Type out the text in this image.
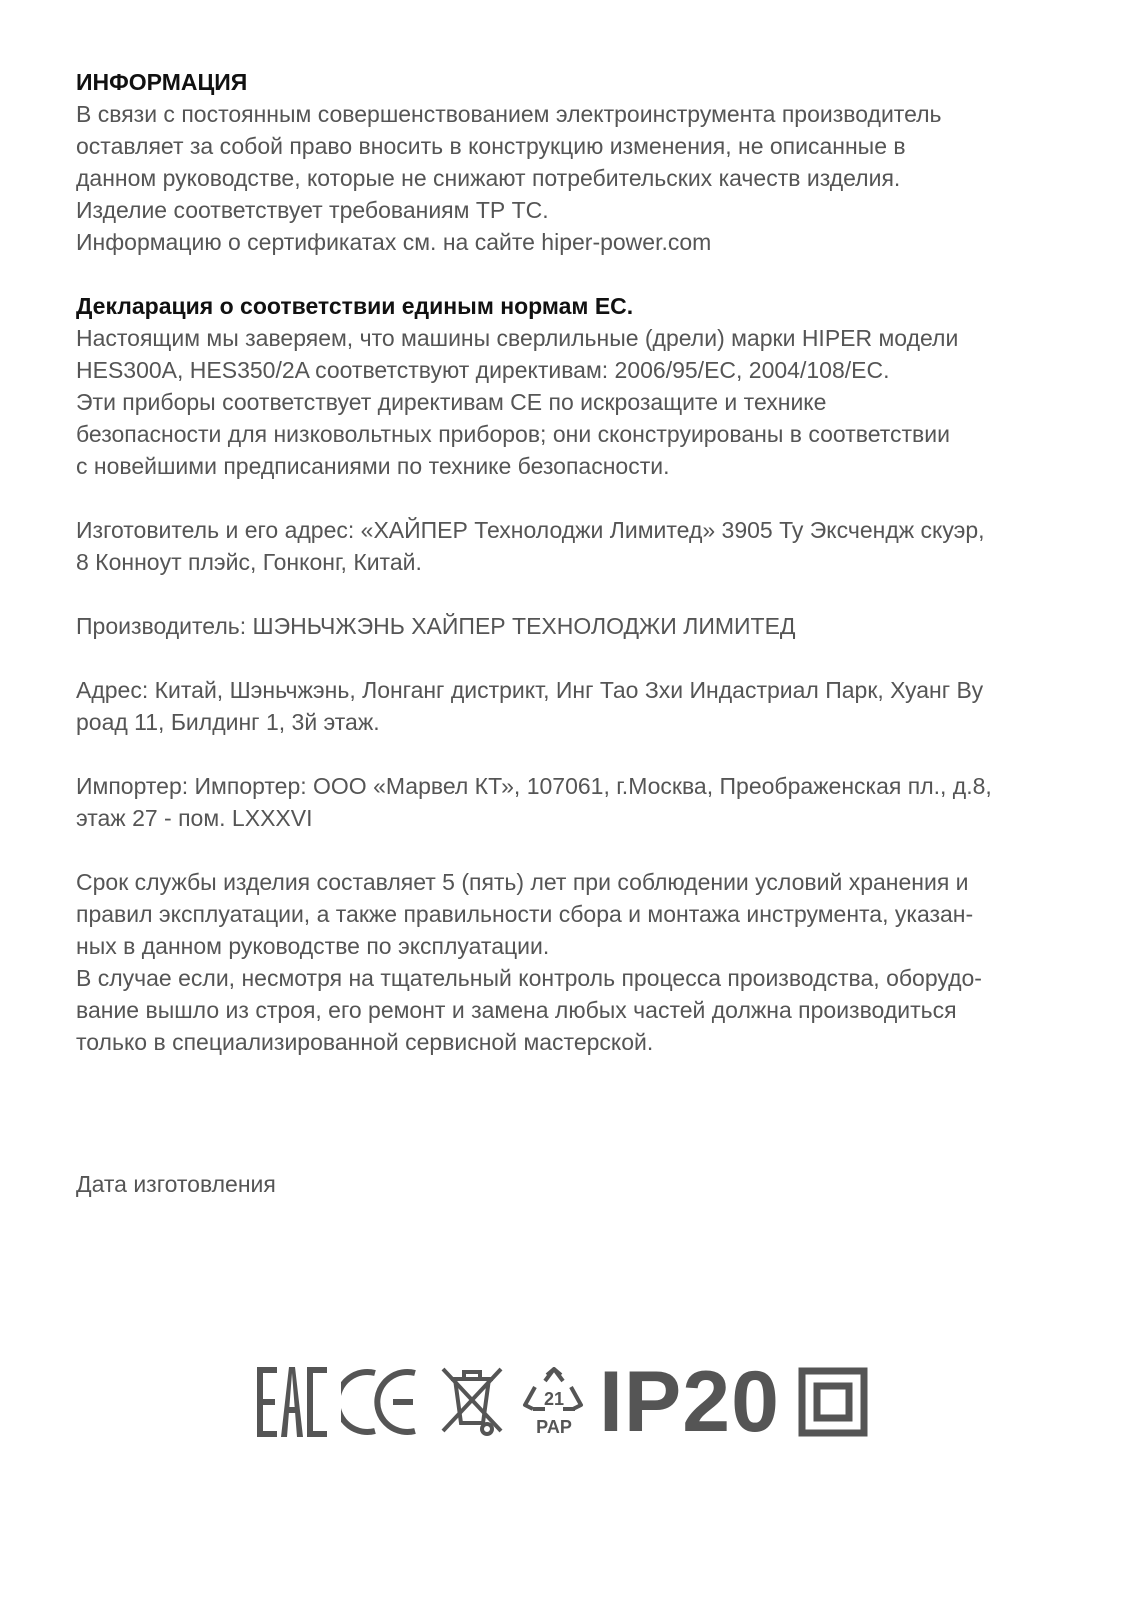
ИНФОРМАЦИЯ

В связи с постоянным совершенствованием электроинструмента производитель
оставляет за собой право вносить в конструкцию изменения, не описанные в
данном руководстве, которые не снижают потребительских качеств изделия.
Изделие соответствует требованиям ТР ТС.
Информацию о сертификатах см. на сайте hiper-power.com

Декларация о соответствии единым нормам ЕС.

Настоящим мы заверяем, что машины сверлильные (дрели) марки HIPER модели
HES300A, HES350/2A соответствуют директивам: 2006/95/EC, 2004/108/EC.
Эти приборы соответствует директивам CE по искрозащите и технике
безопасности для низковольтных приборов; они сконструированы в соответствии
с новейшими предписаниями по технике безопасности.

Изготовитель и его адрес: «ХАЙПЕР Технолоджи Лимитед» 3905 Ту Эксчендж скуэр,
8 Коннoут плэйс, Гонконг, Китай.

Производитель: ШЭНЬЧЖЭНЬ ХАЙПЕР ТЕХНОЛОДЖИ ЛИМИТЕД

Адрес: Китай, Шэньчжэнь, Лонганг дистрикт, Инг Тао Зхи Индастриал Парк, Хуанг Ву
роад 11, Билдинг 1, 3й этаж.

Импортер: Импортер: ООО «Марвел КТ», 107061, г.Москва, Преображенская пл., д.8,
этаж 27 - пом. LXXXVI

Срок службы изделия составляет 5 (пять) лет при соблюдении условий хранения и
правил эксплуатации, а также правильности сбора и монтажа инструмента, указан-
ных в данном руководстве по эксплуатации.
В случае если, несмотря на тщательный контроль процесса производства, оборудо-
вание вышло из строя, его ремонт и замена любых частей должна производиться
только в специализированной сервисной мастерской.

Дата изготовления
21
PAP IP20
